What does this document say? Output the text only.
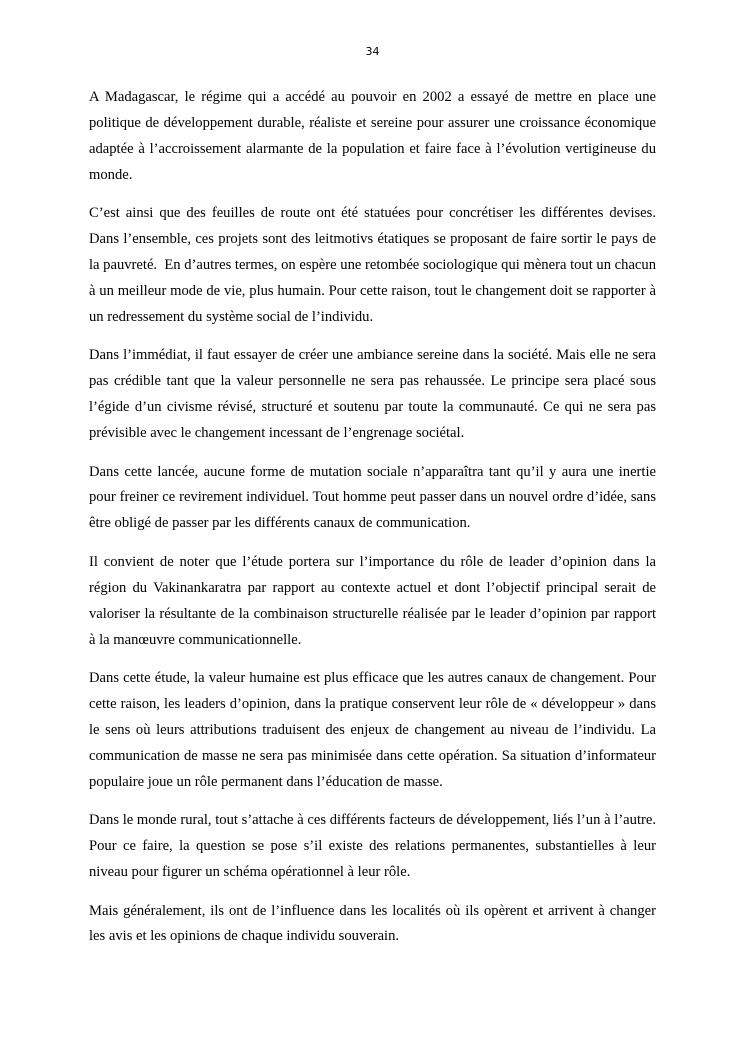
34

A Madagascar, le régime qui a accédé au pouvoir en 2002 a essayé de mettre en place une politique de développement durable, réaliste et sereine pour assurer une croissance économique adaptée à l’accroissement alarmante de la population et faire face à l’évolution vertigineuse du monde.

C’est ainsi que des feuilles de route ont été statuées pour concrétiser les différentes devises. Dans l’ensemble, ces projets sont des leitmotivs étatiques se proposant de faire sortir le pays de la pauvreté.  En d’autres termes, on espère une retombée sociologique qui mènera tout un chacun à un meilleur mode de vie, plus humain. Pour cette raison, tout le changement doit se rapporter à un redressement du système social de l’individu.

Dans l’immédiat, il faut essayer de créer une ambiance sereine dans la société. Mais elle ne sera pas crédible tant que la valeur personnelle ne sera pas rehaussée. Le principe sera placé sous l’égide d’un civisme révisé, structuré et soutenu par toute la communauté. Ce qui ne sera pas prévisible avec le changement incessant de l’engrenage sociétal.

Dans cette lancée, aucune forme de mutation sociale n’apparaîtra tant qu’il y aura une inertie pour freiner ce revirement individuel. Tout homme peut passer dans un nouvel ordre d’idée, sans être obligé de passer par les différents canaux de communication.

Il convient de noter que l’étude portera sur l’importance du rôle de leader d’opinion dans la région du Vakinankaratra par rapport au contexte actuel et dont l’objectif principal serait de valoriser la résultante de la combinaison structurelle réalisée par le leader d’opinion par rapport à la manœuvre communicationnelle.

Dans cette étude, la valeur humaine est plus efficace que les autres canaux de changement. Pour cette raison, les leaders d’opinion, dans la pratique conservent leur rôle de « développeur » dans le sens où leurs attributions traduisent des enjeux de changement au niveau de l’individu. La communication de masse ne sera pas minimisée dans cette opération. Sa situation d’informateur populaire joue un rôle permanent dans l’éducation de masse.

Dans le monde rural, tout s’attache à ces différents facteurs de développement, liés l’un à l’autre. Pour ce faire, la question se pose s’il existe des relations permanentes, substantielles à leur niveau pour figurer un schéma opérationnel à leur rôle.

Mais généralement, ils ont de l’influence dans les localités où ils opèrent et arrivent à changer les avis et les opinions de chaque individu souverain.
